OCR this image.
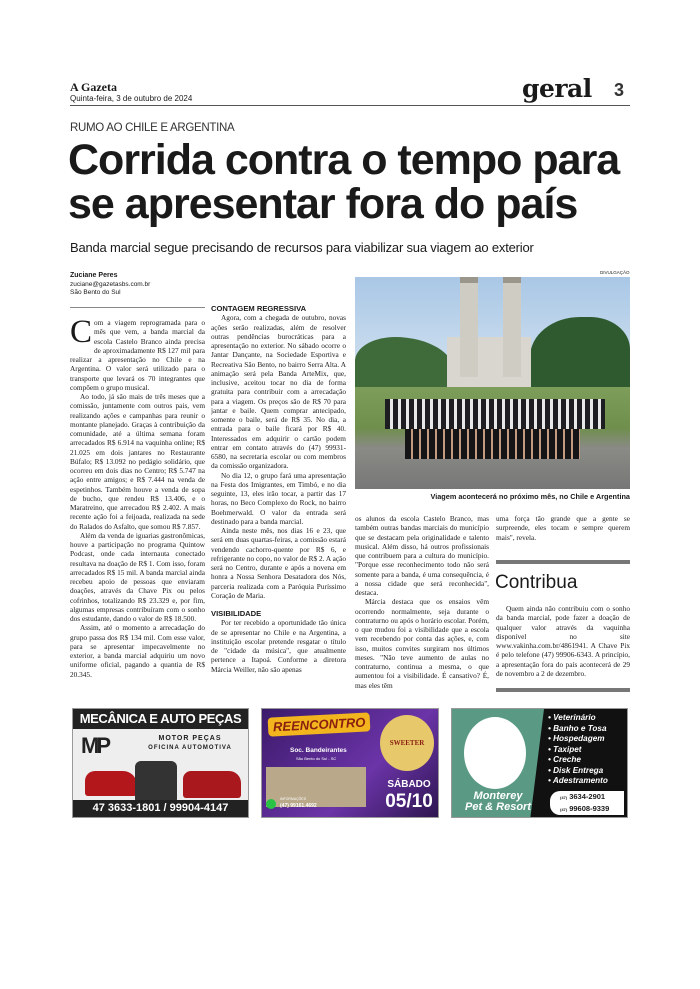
A Gazeta
Quinta-feira, 3 de outubro de 2024	geral 3
RUMO AO CHILE E ARGENTINA
Corrida contra o tempo para
se apresentar fora do país
Banda marcial segue precisando de recursos para viabilizar sua viagem ao exterior
Zuciane Peres
zuciane@gazetasbs.com.br
São Bento do Sul

Com a viagem reprogramada para o mês que vem, a banda marcial da escola Castelo Branco ainda precisa de aproximadamente R$ 127 mil para realizar a apresentação no Chile e na Argentina. O valor será utilizado para o transporte que levará os 70 integrantes que compõem o grupo musical.

Ao todo, já são mais de três meses que a comissão, juntamente com outros pais, vem realizando ações e campanhas para reunir o montante planejado. Graças à contribuição da comunidade, até a última semana foram arrecadados R$ 6.914 na vaquinha online; R$ 21.025 em dois jantares no Restaurante Búfalo; R$ 13.092 no pedágio solidário, que ocorreu em dois dias no Centro; R$ 5.747 na ação entre amigos; e R$ 7.444 na venda de espetinhos. Também houve a venda de sopa de bucho, que rendeu R$ 13.406, e o Maratreino, que arrecadou R$ 2.402. A mais recente ação foi a feijoada, realizada na sede do Ralados do Asfalto, que somou R$ 7.857.

Além da venda de iguarias gastronômicas, houve a participação no programa Quintow Podcast, onde cada internauta conectado resultava na doação de R$ 1. Com isso, foram arrecadados R$ 15 mil. A banda marcial ainda recebeu apoio de pessoas que enviaram doações, através da Chave Pix ou pelos cofrinhos, totalizando R$ 23.329 e, por fim, algumas empresas contribuíram com o sonho dos estudante, dando o valor de R$ 18.500.

Assim, até o momento a arrecadação do grupo passa dos R$ 134 mil. Com esse valor, para se apresentar impecavelmente no exterior, a banda marcial adquiriu um novo uniforme oficial, pagando a quantia de R$ 20.345.

CONTAGEM REGRESSIVA

Agora, com a chegada de outubro, novas ações serão realizadas, além de resolver outras pendências burocráticas para a apresentação no exterior. No sábado ocorre o Jantar Dançante, na Sociedade Esportiva e Recreativa São Bento, no bairro Serra Alta. A animação será pela Banda ArteMix, que, inclusive, aceitou tocar no dia de forma gratuita para contribuir com a arrecadação para a viagem. Os preços são de R$ 70 para jantar e baile. Quem comprar antecipado, somente o baile, será de R$ 35. No dia, a entrada para o baile ficará por R$ 40. Interessados em adquirir o cartão podem entrar em contato através do (47) 99931-6580, na secretaria escolar ou com membros da comissão organizadora.

No dia 12, o grupo fará uma apresentação na Festa dos Imigrantes, em Timbó, e no dia seguinte, 13, eles irão tocar, a partir das 17 horas, no Beco Complexo do Rock, no bairro Boehmerwald. O valor da entrada será destinado para a banda marcial.

Ainda neste mês, nos dias 16 e 23, que será em duas quartas-feiras, a comissão estará vendendo cachorro-quente por R$ 6, e refrigerante no copo, no valor de R$ 2. A ação será no Centro, durante e após a novena em honra a Nossa Senhora Desatadora dos Nós, parceria realizada com a Paróquia Puríssimo Coração de Maria.

VISIBILIDADE

Por ter recebido a oportunidade tão única de se apresentar no Chile e na Argentina, a instituição escolar pretende resgatar o título de "cidade da música", que atualmente pertence a Itapoá. Conforme a diretora Márcia Weiller, não são apenas

DIVULGAÇÃO
Viagem acontecerá no próximo mês, no Chile e Argentina

os alunos da escola Castelo Branco, mas também outras bandas marciais do município que se destacam pela originalidade e talento musical. Além disso, há outros profissionais que contribuem para a cultura do município. "Porque esse reconhecimento todo não será somente para a banda, é uma consequência, é a nossa cidade que será reconhecida", destaca.

Márcia destaca que os ensaios vêm ocorrendo normalmente, seja durante o contraturno ou após o horário escolar. Porém, o que mudou foi a visibilidade que a escola vem recebendo por conta das ações, e, com isso, muitos convites surgiram nos últimos meses. "Não teve aumento de aulas no contraturno, continua a mesma, o que aumentou foi a visibilidade. É cansativo? É, mas eles têm

uma força tão grande que a gente se surpreende, eles tocam e sempre querem mais", revela.

Contribua

Quem ainda não contribuiu com o sonho da banda marcial, pode fazer a doação de qualquer valor através da vaquinha disponível no site www.vakinha.com.br/4861941. A Chave Pix é pelo telefone (47) 99906-6343. A princípio, a apresentação fora do país acontecerá de 29 de novembro a 2 de dezembro.

MECÂNICA E AUTO PEÇAS
MP	MOTOR PEÇAS
OFICINA AUTOMOTIVA
47 3633-1801 / 99904-4147
REENCONTRO
Soc. Bandeirantes
São Bento do Sul - SC
SWEETER
INFORMAÇÕES
(47) 99161.4692
SÁBADO
05/10	Monterey
Pet & Resort
• Veterinário
• Banho e Tosa
• Hospedagem
• Taxipet
• Creche
• Disk Entrega
• Adestramento
(47) 3634-2901
(47) 99608-9339
